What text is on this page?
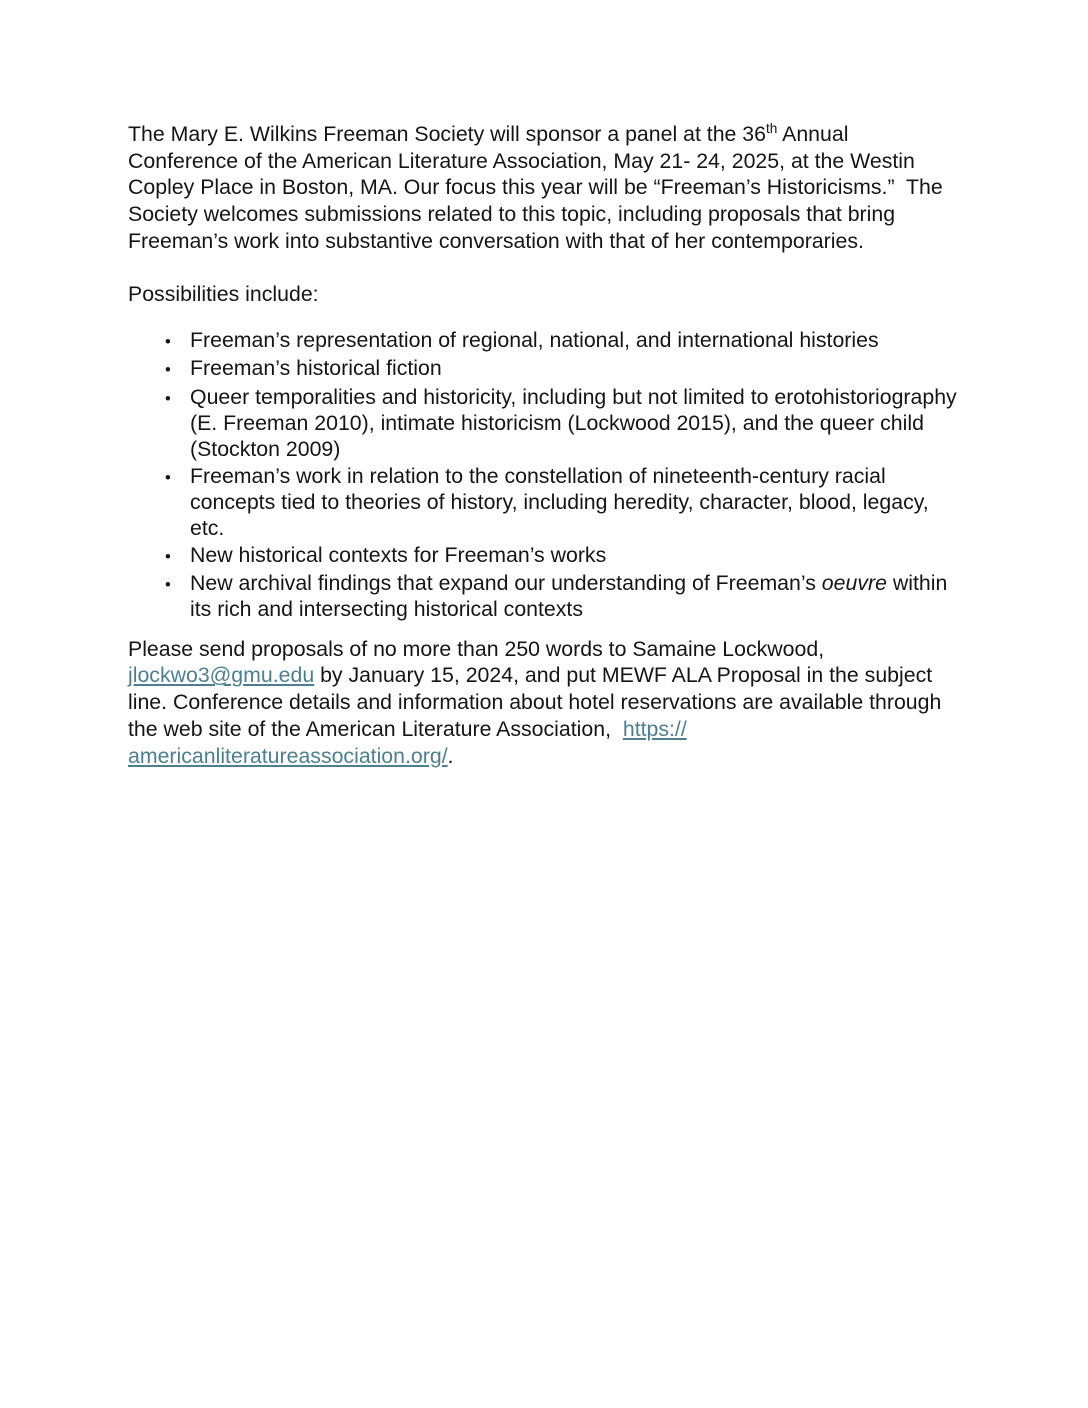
The Mary E. Wilkins Freeman Society will sponsor a panel at the 36th Annual Conference of the American Literature Association, May 21- 24, 2025, at the Westin Copley Place in Boston, MA. Our focus this year will be “Freeman’s Historicisms.”  The Society welcomes submissions related to this topic, including proposals that bring Freeman’s work into substantive conversation with that of her contemporaries.

Possibilities include:

• Freeman’s representation of regional, national, and international histories
• Freeman’s historical fiction
• Queer temporalities and historicity, including but not limited to erotohistoriography (E. Freeman 2010), intimate historicism (Lockwood 2015), and the queer child (Stockton 2009)
• Freeman’s work in relation to the constellation of nineteenth-century racial concepts tied to theories of history, including heredity, character, blood, legacy, etc.
• New historical contexts for Freeman’s works
• New archival findings that expand our understanding of Freeman’s oeuvre within its rich and intersecting historical contexts

Please send proposals of no more than 250 words to Samaine Lockwood, jlockwo3@gmu.edu by January 15, 2024, and put MEWF ALA Proposal in the subject line. Conference details and information about hotel reservations are available through the web site of the American Literature Association,  https://americanliteratureassociation.org/.
